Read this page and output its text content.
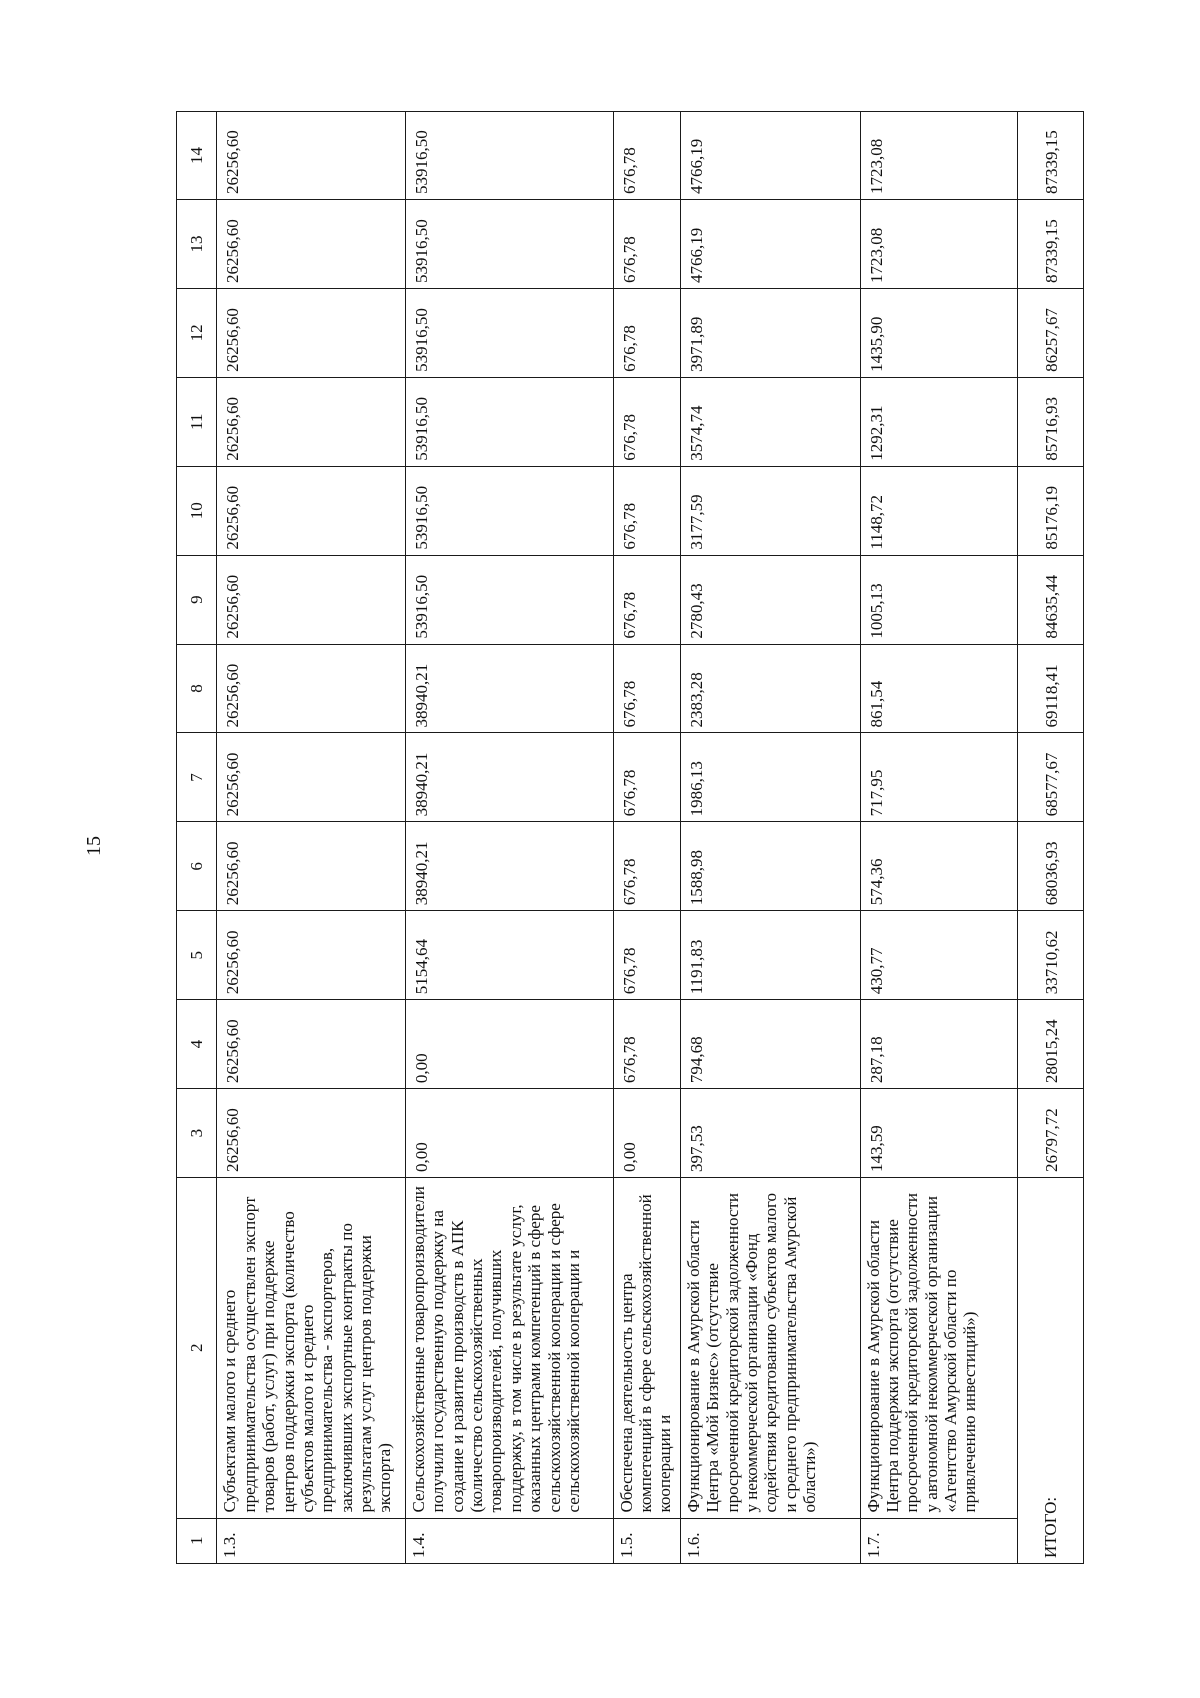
15
1	2	3	4	5	6	7	8	9	10	11	12	13	14
1.3.	Субъектами малого и среднего предпринимательства осуществлен экспорт товаров (работ, услуг) при поддержке центров поддержки экспорта (количество субъектов малого и среднего предпринимательства - экспортеров, заключивших экспортные контракты по результатам услуг центров поддержки экспорта)	26256,60	26256,60	26256,60	26256,60	26256,60	26256,60	26256,60	26256,60	26256,60	26256,60	26256,60	26256,60
1.4.	Сельскохозяйственные товаропроизводители получили государственную поддержку на создание и развитие производств в АПК (количество сельскохозяйственных товаропроизводителей, получивших поддержку, в том числе в результате услуг, оказанных центрами компетенций в сфере сельскохозяйственной кооперации и сфере сельскохозяйственной кооперации и	0,00	0,00	5154,64	38940,21	38940,21	38940,21	53916,50	53916,50	53916,50	53916,50	53916,50	53916,50
1.5.	Обеспечена деятельность центра компетенций в сфере сельскохозяйственной кооперации и	0,00	676,78	676,78	676,78	676,78	676,78	676,78	676,78	676,78	676,78	676,78	676,78
1.6.	Функционирование в Амурской области Центра «Мой Бизнес» (отсутствие просроченной кредиторской задолженности у некоммерческой организации «Фонд содействия кредитованию субъектов малого и среднего предпринимательства Амурской области»)	397,53	794,68	1191,83	1588,98	1986,13	2383,28	2780,43	3177,59	3574,74	3971,89	4766,19	4766,19
1.7.	Функционирование в Амурской области Центра поддержки экспорта (отсутствие просроченной кредиторской задолженности у автономной некоммерческой организации «Агентство Амурской области по привлечению инвестиций»)	143,59	287,18	430,77	574,36	717,95	861,54	1005,13	1148,72	1292,31	1435,90	1723,08	1723,08
ИТОГО:		26797,72	28015,24	33710,62	68036,93	68577,67	69118,41	84635,44	85176,19	85716,93	86257,67	87339,15	87339,15
